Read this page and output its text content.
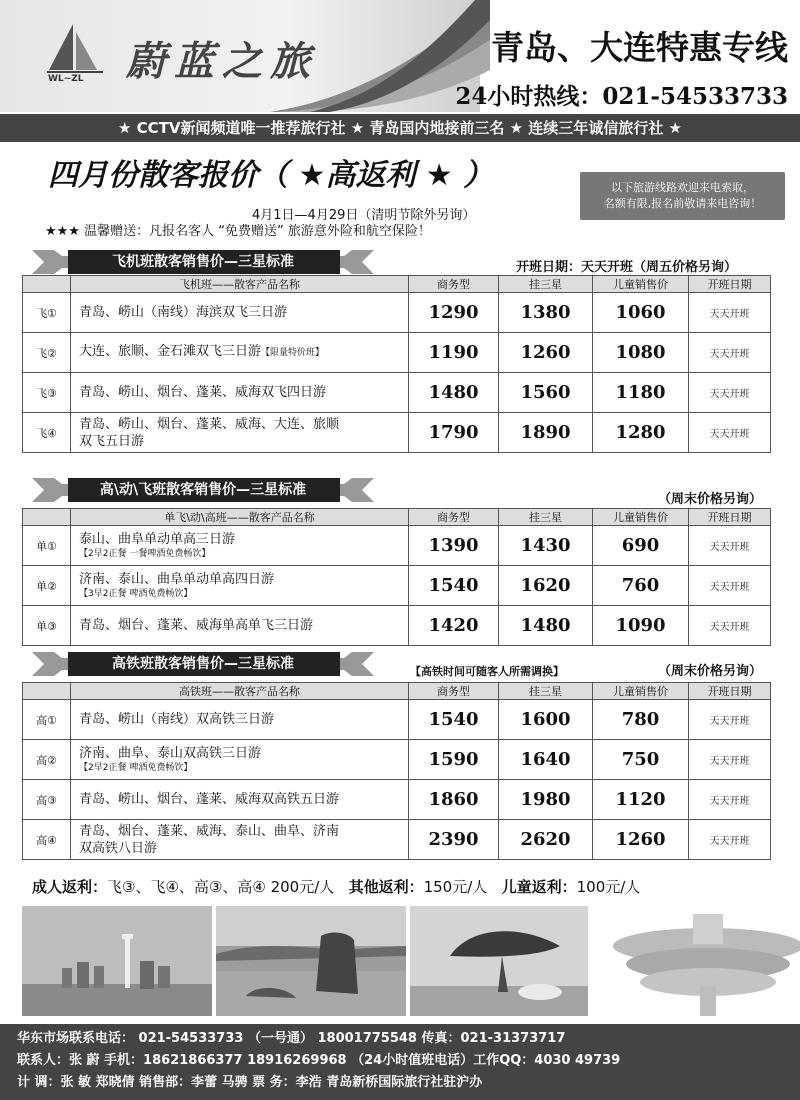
WL~ZL 蔚蓝之旅	青岛、大连特惠专线
24小时热线：021-54533733
★ CCTV新闻频道唯一推荐旅行社 ★ 青岛国内地接前三名 ★ 连续三年诚信旅行社 ★
四月份散客报价（ ★高返利 ★ ）	以下旅游线路欢迎来电索取，
名额有限,报名前敬请来电咨询！
4月1日—4月29日（清明节除外另询）
★★★ 温馨赠送：凡报名客人 “免费赠送” 旅游意外险和航空保险！
飞机班散客销售价—三星标准	开班日期：天天开班（周五价格另询）
	飞机班——散客产品名称	商务型	挂三星	儿童销售价	开班日期
飞①	青岛、崂山（南线）海滨双飞三日游	1290	1380	1060	天天开班
飞②	大连、旅顺、金石滩双飞三日游【限量特价班】	1190	1260	1080	天天开班
飞③	青岛、崂山、烟台、蓬莱、威海双飞四日游	1480	1560	1180	天天开班
飞④	青岛、崂山、烟台、蓬莱、威海、大连、旅顺
双飞五日游	1790	1890	1280	天天开班
高\动\飞班散客销售价—三星标准
（周末价格另询）
	单飞\动\高班——散客产品名称	商务型	挂三星	儿童销售价	开班日期
单①	泰山、曲阜单动单高三日游
【2早2正餐 一餐啤酒免费畅饮】	1390	1430	690	天天开班
单②	济南、泰山、曲阜单动单高四日游
【3早2正餐 啤酒免费畅饮】	1540	1620	760	天天开班
单③	青岛、烟台、蓬莱、威海单高单飞三日游	1420	1480	1090	天天开班
高铁班散客销售价—三星标准	【高铁时间可随客人所需调换】	（周末价格另询）
	高铁班——散客产品名称	商务型	挂三星	儿童销售价	开班日期
高①	青岛、崂山（南线）双高铁三日游	1540	1600	780	天天开班
高②	济南、曲阜、泰山双高铁三日游
【2早2正餐 啤酒免费畅饮】	1590	1640	750	天天开班
高③	青岛、崂山、烟台、蓬莱、威海双高铁五日游	1860	1980	1120	天天开班
高④	青岛、烟台、蓬莱、威海、泰山、曲阜、济南
双高铁八日游	2390	2620	1260	天天开班
成人返利：飞③、飞④、高③、高④ 200元/人 其他返利：150元/人 儿童返利：100元/人
华东市场联系电话： 021-54533733 （一号通） 18001775548 传真：021-31373717
联系人：张 蔚 手机：18621866377 18916269968 （24小时值班电话）工作QQ：4030 49739
计 调：张 敏 郑晓倩 销售部：李蕾 马骋 票 务：李浩 青岛新桥国际旅行社驻沪办
